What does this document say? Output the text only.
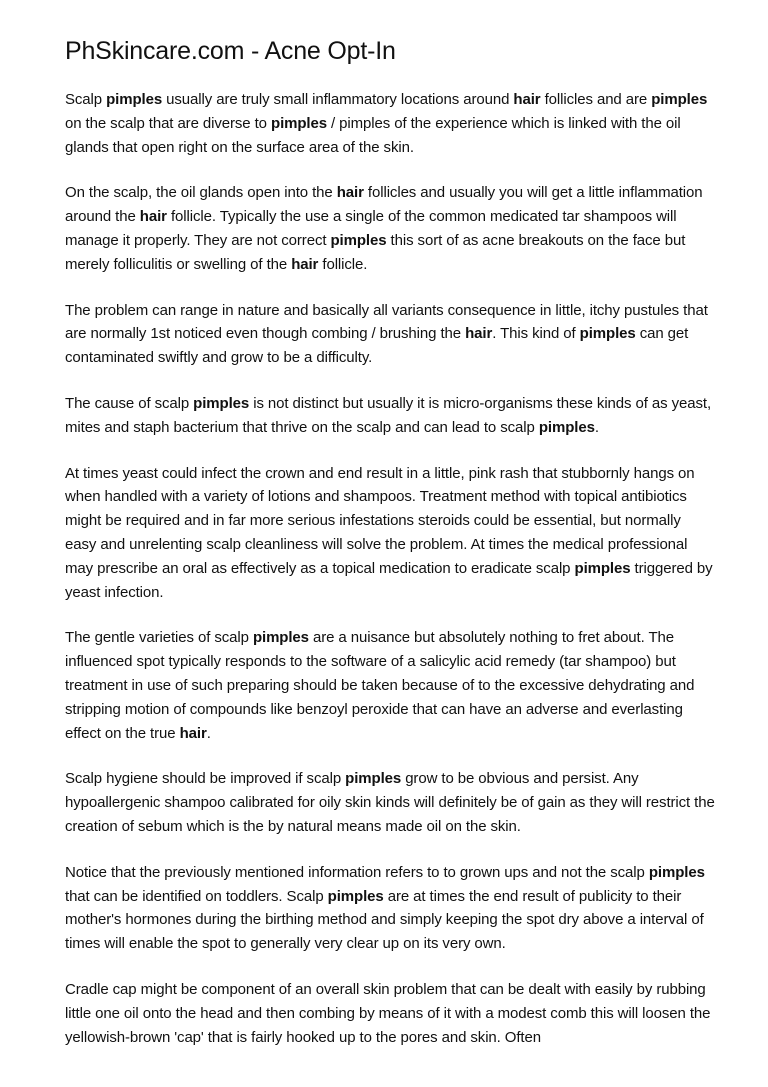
PhSkincare.com - Acne Opt-In

Scalp pimples usually are truly small inflammatory locations around hair follicles and are pimples on the scalp that are diverse to pimples / pimples of the experience which is linked with the oil glands that open right on the surface area of the skin.

On the scalp, the oil glands open into the hair follicles and usually you will get a little inflammation around the hair follicle. Typically the use a single of the common medicated tar shampoos will manage it properly. They are not correct pimples this sort of as acne breakouts on the face but merely folliculitis or swelling of the hair follicle.

The problem can range in nature and basically all variants consequence in little, itchy pustules that are normally 1st noticed even though combing / brushing the hair. This kind of pimples can get contaminated swiftly and grow to be a difficulty.

The cause of scalp pimples is not distinct but usually it is micro-organisms these kinds of as yeast, mites and staph bacterium that thrive on the scalp and can lead to scalp pimples.

At times yeast could infect the crown and end result in a little, pink rash that stubbornly hangs on when handled with a variety of lotions and shampoos. Treatment method with topical antibiotics might be required and in far more serious infestations steroids could be essential, but normally easy and unrelenting scalp cleanliness will solve the problem. At times the medical professional may prescribe an oral as effectively as a topical medication to eradicate scalp pimples triggered by yeast infection.

The gentle varieties of scalp pimples are a nuisance but absolutely nothing to fret about. The influenced spot typically responds to the software of a salicylic acid remedy (tar shampoo) but treatment in use of such preparing should be taken because of to the excessive dehydrating and stripping motion of compounds like benzoyl peroxide that can have an adverse and everlasting effect on the true hair.

Scalp hygiene should be improved if scalp pimples grow to be obvious and persist. Any hypoallergenic shampoo calibrated for oily skin kinds will definitely be of gain as they will restrict the creation of sebum which is the by natural means made oil on the skin.

Notice that the previously mentioned information refers to to grown ups and not the scalp pimples that can be identified on toddlers. Scalp pimples are at times the end result of publicity to their mother's hormones during the birthing method and simply keeping the spot dry above a interval of times will enable the spot to generally very clear up on its very own.

Cradle cap might be component of an overall skin problem that can be dealt with easily by rubbing little one oil onto the head and then combing by means of it with a modest comb this will loosen the yellowish-brown 'cap' that is fairly hooked up to the pores and skin. Often
